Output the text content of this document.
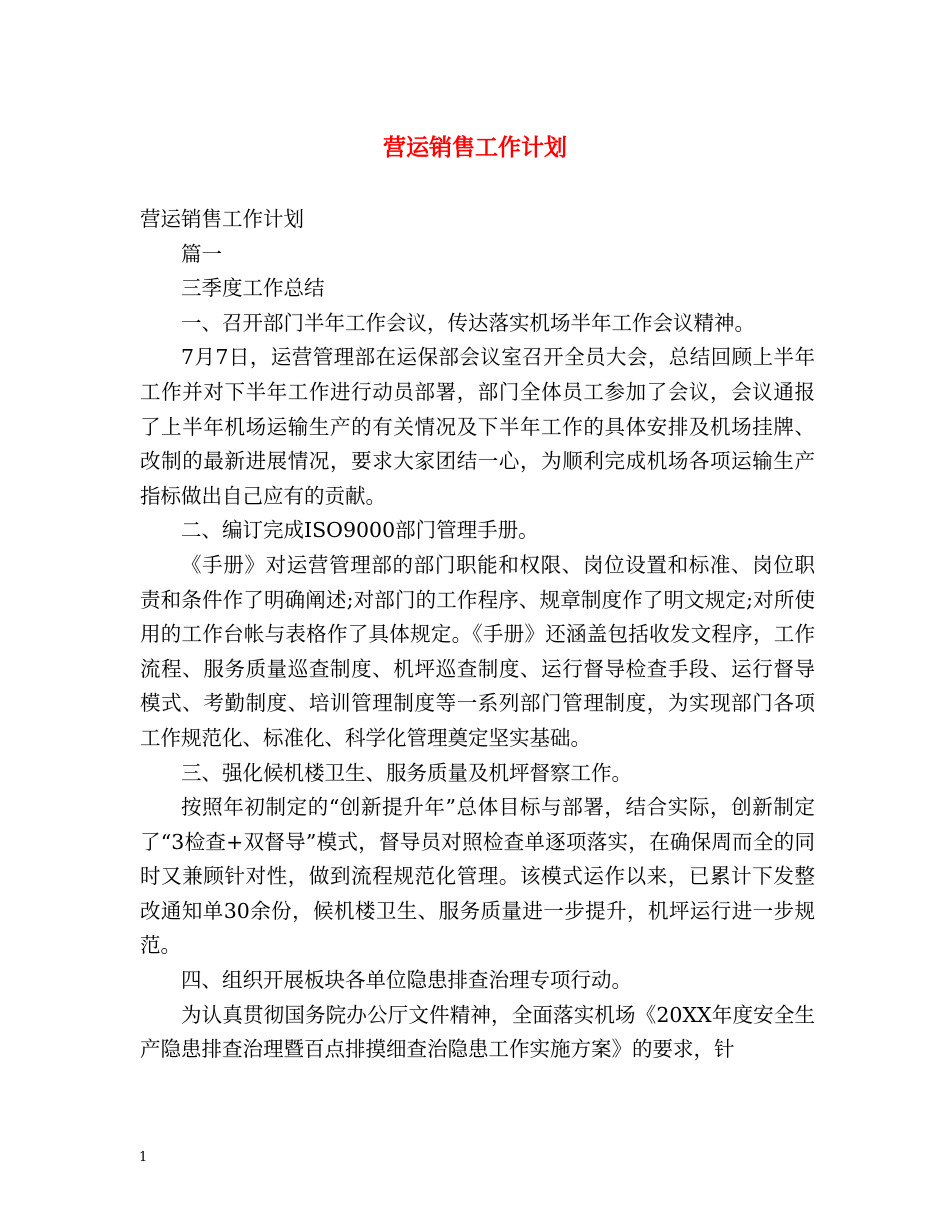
营运销售工作计划

营运销售工作计划

篇一

三季度工作总结

一、召开部门半年工作会议，传达落实机场半年工作会议精神。

7月7日，运营管理部在运保部会议室召开全员大会，总结回顾上半年工作并对下半年工作进行动员部署，部门全体员工参加了会议，会议通报了上半年机场运输生产的有关情况及下半年工作的具体安排及机场挂牌、改制的最新进展情况，要求大家团结一心，为顺利完成机场各项运输生产指标做出自己应有的贡献。

二、编订完成ISO9000部门管理手册。

《手册》对运营管理部的部门职能和权限、岗位设置和标准、岗位职责和条件作了明确阐述;对部门的工作程序、规章制度作了明文规定;对所使用的工作台帐与表格作了具体规定。《手册》还涵盖包括收发文程序，工作流程、服务质量巡查制度、机坪巡查制度、运行督导检查手段、运行督导模式、考勤制度、培训管理制度等一系列部门管理制度，为实现部门各项工作规范化、标准化、科学化管理奠定坚实基础。

三、强化候机楼卫生、服务质量及机坪督察工作。

按照年初制定的“创新提升年”总体目标与部署，结合实际，创新制定了“3检查+双督导”模式，督导员对照检查单逐项落实，在确保周而全的同时又兼顾针对性，做到流程规范化管理。该模式运作以来，已累计下发整改通知单30余份，候机楼卫生、服务质量进一步提升，机坪运行进一步规范。

四、组织开展板块各单位隐患排查治理专项行动。

为认真贯彻国务院办公厅文件精神，全面落实机场《20XX年度安全生产隐患排查治理暨百点排摸细查治隐患工作实施方案》的要求，针

1
